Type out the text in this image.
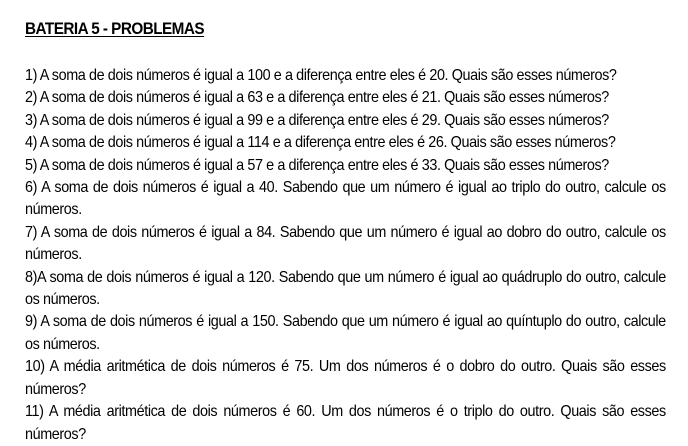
BATERIA 5 - PROBLEMAS
1) A soma de dois números é igual a 100 e a diferença entre eles é 20. Quais são esses números?
2) A soma de dois números é igual a 63 e a diferença entre eles é 21. Quais são esses números?
3) A soma de dois números é igual a 99 e a diferença entre eles é 29. Quais são esses números?
4) A soma de dois números é igual a 114 e a diferença entre eles é 26. Quais são esses números?
5) A soma de dois números é igual a 57 e a diferença entre eles é 33. Quais são esses números?
6) A soma de dois números é igual a 40. Sabendo que um número é igual ao triplo do outro, calcule os números.
7) A soma de dois números é igual a 84. Sabendo que um número é igual ao dobro do outro, calcule os números.
8)A soma de dois números é igual a 120. Sabendo que um número é igual ao quádruplo do outro, calcule os números.
9) A soma de dois números é igual a 150. Sabendo que um número é igual ao quíntuplo do outro, calcule os números.
10) A média aritmética de dois números é 75. Um dos números é o dobro do outro. Quais são esses números?
11) A média aritmética de dois números é 60. Um dos números é o triplo do outro. Quais são esses números?
